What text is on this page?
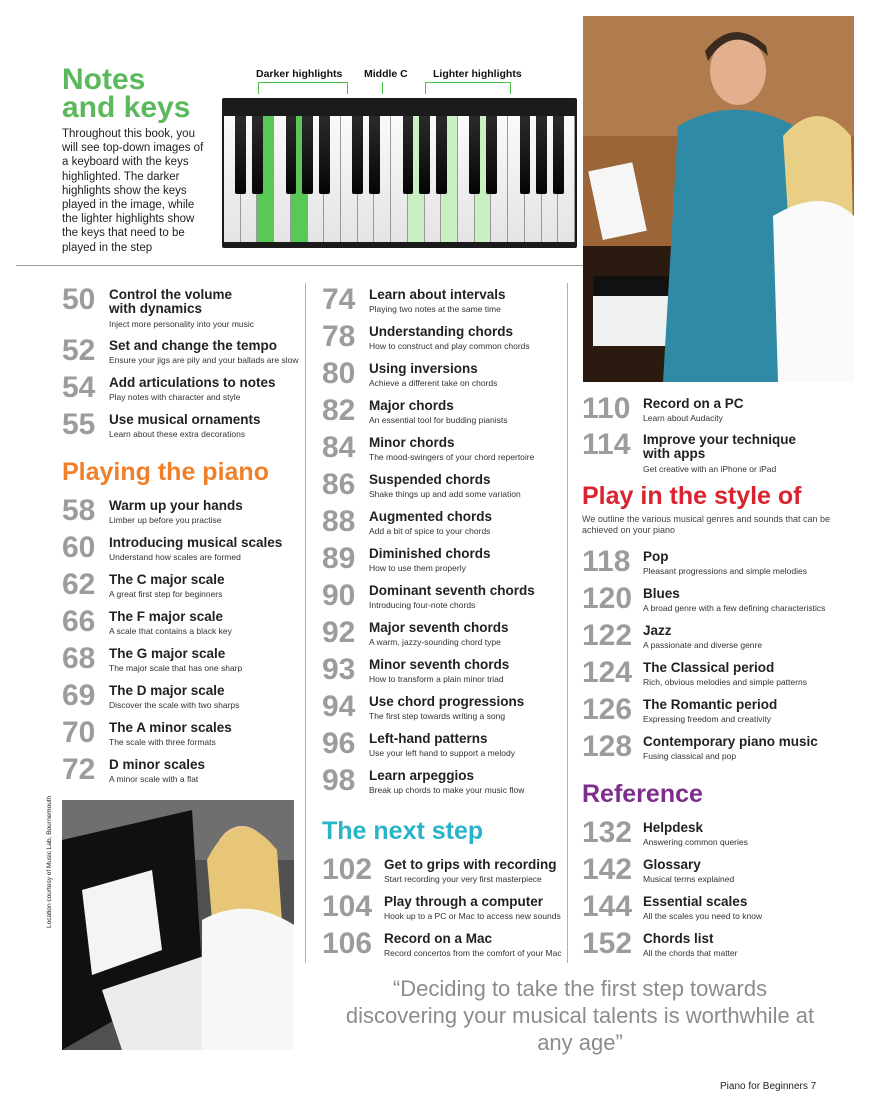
Notes
and keys
Throughout this book, you will see top-down images of a keyboard with the keys highlighted. The darker highlights show the keys played in the image, while the lighter highlights show the keys that need to be played in the step
Darker highlights Middle C Lighter highlights
Location courtesy of Music Lab, Bournemouth
50 Control the volume
with dynamics
Inject more personality into your music
52 Set and change the tempo
Ensure your jigs are pily and your ballads are slow
54 Add articulations to notes
Play notes with character and style
55 Use musical ornaments
Learn about these extra decorations
Playing the piano
58 Warm up your hands
Limber up before you practise
60 Introducing musical scales
Understand how scales are formed
62 The C major scale
A great first step for beginners
66 The F major scale
A scale that contains a black key
68 The G major scale
The major scale that has one sharp
69 The D major scale
Discover the scale with two sharps
70 The A minor scales
The scale with three formats
72 D minor scales
A minor scale with a flat
74 Learn about intervals
Playing two notes at the same time
78 Understanding chords
How to construct and play common chords
80 Using inversions
Achieve a different take on chords
82 Major chords
An essential tool for budding pianists
84 Minor chords
The mood-swingers of your chord repertoire
86 Suspended chords
Shake things up and add some variation
88 Augmented chords
Add a bit of spice to your chords
89 Diminished chords
How to use them properly
90 Dominant seventh chords
Introducing four-note chords
92 Major seventh chords
A warm, jazzy-sounding chord type
93 Minor seventh chords
How to transform a plain minor triad
94 Use chord progressions
The first step towards writing a song
96 Left-hand patterns
Use your left hand to support a melody
98 Learn arpeggios
Break up chords to make your music flow
The next step
102 Get to grips with recording
Start recording your very first masterpiece
104 Play through a computer
Hook up to a PC or Mac to access new sounds
106 Record on a Mac
Record concertos from the comfort of your Mac
110 Record on a PC
Learn about Audacity
114 Improve your technique
with apps
Get creative with an iPhone or iPad
Play in the style of
We outline the various musical genres and sounds that can be achieved on your piano
118 Pop
Pleasant progressions and simple melodies
120 Blues
A broad genre with a few defining characteristics
122 Jazz
A passionate and diverse genre
124 The Classical period
Rich, obvious melodies and simple patterns
126 The Romantic period
Expressing freedom and creativity
128 Contemporary piano music
Fusing classical and pop
Reference
132 Helpdesk
Answering common queries
142 Glossary
Musical terms explained
144 Essential scales
All the scales you need to know
152 Chords list
All the chords that matter
“Deciding to take the first step towards discovering your musical talents is worthwhile at any age”
Piano for Beginners 7
